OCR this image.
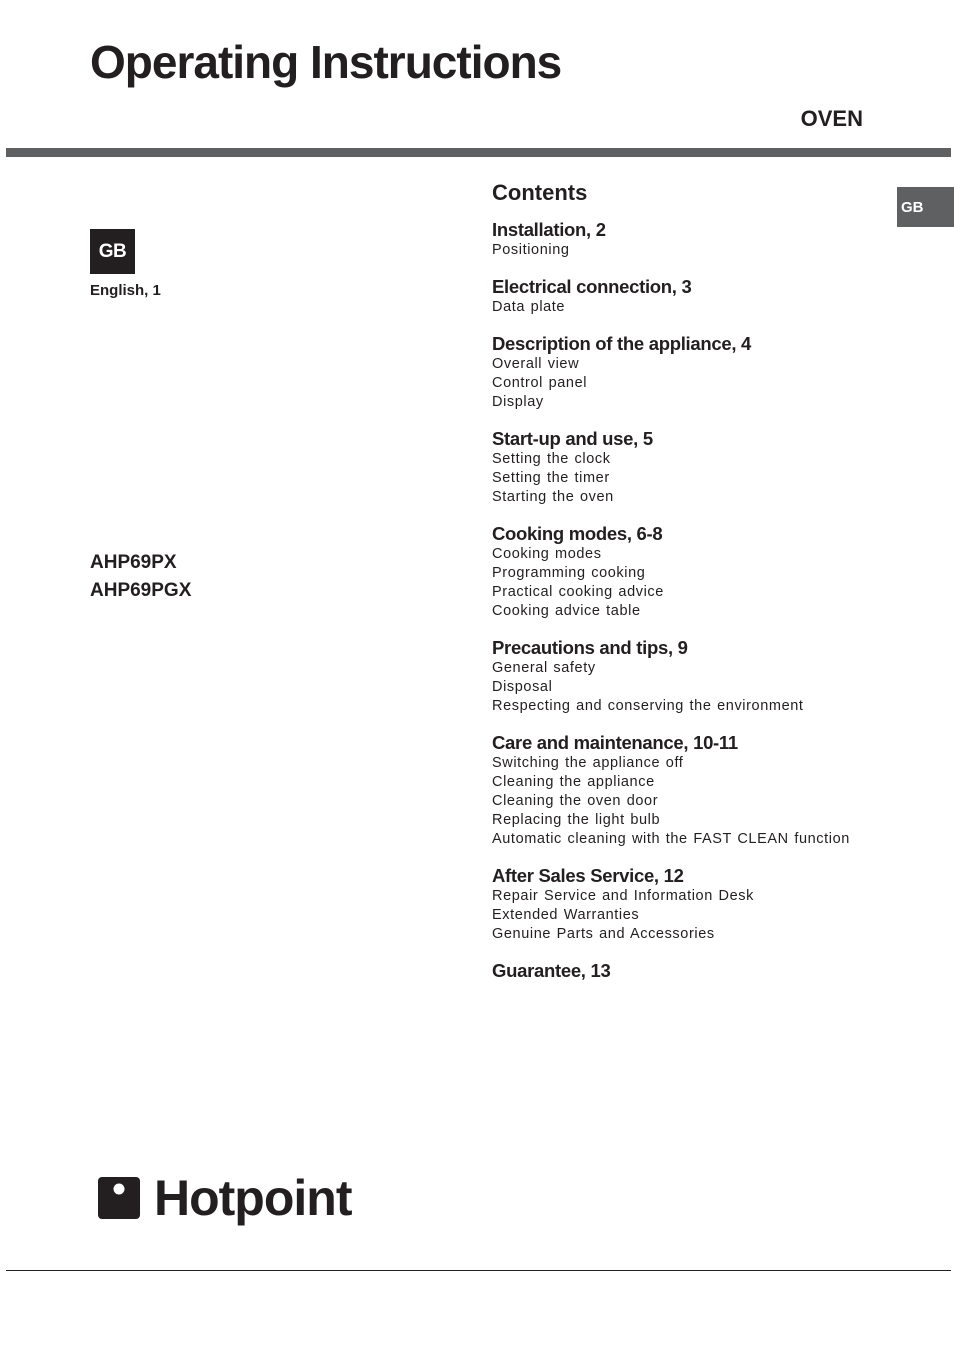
Operating Instructions
OVEN
GB
GB
English, 1
AHP69PX
AHP69PGX
Contents
Installation, 2
Positioning
Electrical connection, 3
Data plate
Description of the appliance, 4
Overall view
Control panel
Display
Start-up and use, 5
Setting the clock
Setting the timer
Starting the oven
Cooking modes, 6-8
Cooking modes
Programming cooking
Practical cooking advice
Cooking advice table
Precautions and tips, 9
General safety
Disposal
Respecting and conserving the environment
Care and maintenance, 10-11
Switching the appliance off
Cleaning the appliance
Cleaning the oven door
Replacing the light bulb
Automatic cleaning with the FAST CLEAN function
After Sales Service, 12
Repair Service and Information Desk
Extended Warranties
Genuine Parts and Accessories
Guarantee, 13
Hotpoint
